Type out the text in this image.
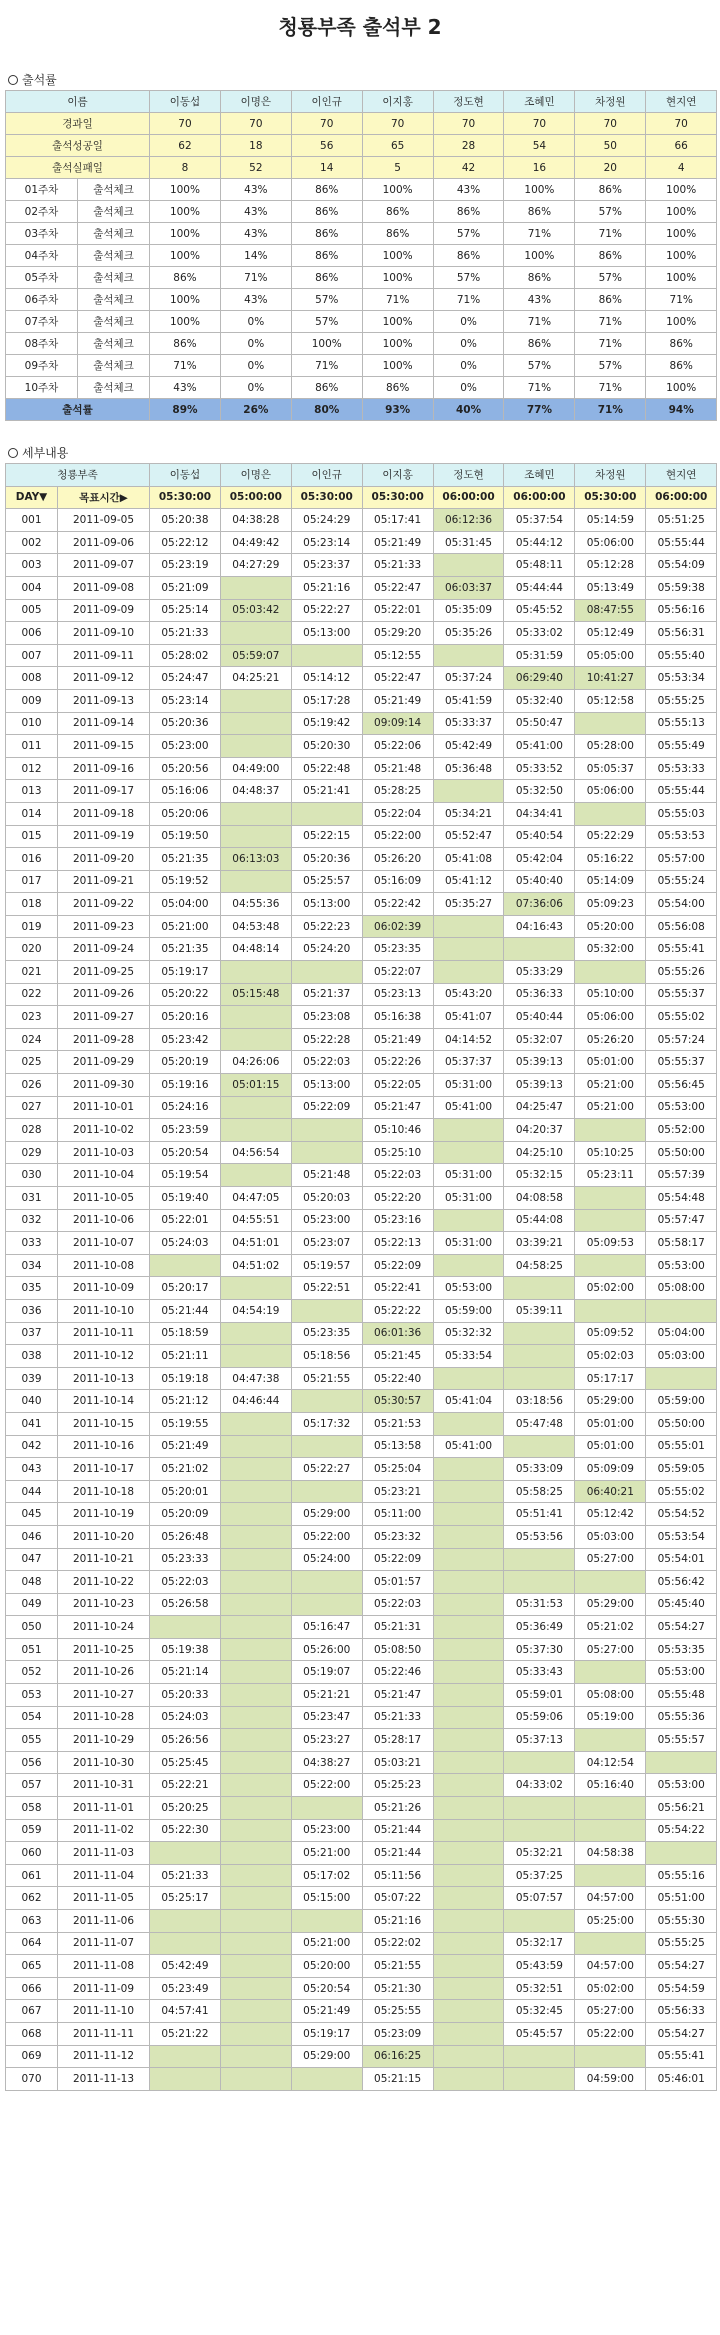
청룡부족 출석부 2
출석률
이름		이동섭	이명은	이인규	이지홍	정도현	조혜민	차정원	현지연
경과일		70	70	70	70	70	70	70	70
출석성공일		62	18	56	65	28	54	50	66
출석실패일		8	52	14	5	42	16	20	4
01주차	출석체크	100%	43%	86%	100%	43%	100%	86%	100%
02주차	출석체크	100%	43%	86%	86%	86%	86%	57%	100%
03주차	출석체크	100%	43%	86%	86%	57%	71%	71%	100%
04주차	출석체크	100%	14%	86%	100%	86%	100%	86%	100%
05주차	출석체크	86%	71%	86%	100%	57%	86%	57%	100%
06주차	출석체크	100%	43%	57%	71%	71%	43%	86%	71%
07주차	출석체크	100%	0%	57%	100%	0%	71%	71%	100%
08주차	출석체크	86%	0%	100%	100%	0%	86%	71%	86%
09주차	출석체크	71%	0%	71%	100%	0%	57%	57%	86%
10주차	출석체크	43%	0%	86%	86%	0%	71%	71%	100%
출석률		89%	26%	80%	93%	40%	77%	71%	94%
세부내용
청룡부족		이동섭	이명은	이인규	이지홍	정도현	조혜민	차정원	현지연
DAY▼	목표시간▶	05:30:00	05:00:00	05:30:00	05:30:00	06:00:00	06:00:00	05:30:00	06:00:00
001	2011-09-05	05:20:38	04:38:28	05:24:29	05:17:41	06:12:36	05:37:54	05:14:59	05:51:25
002	2011-09-06	05:22:12	04:49:42	05:23:14	05:21:49	05:31:45	05:44:12	05:06:00	05:55:44
003	2011-09-07	05:23:19	04:27:29	05:23:37	05:21:33		05:48:11	05:12:28	05:54:09
004	2011-09-08	05:21:09		05:21:16	05:22:47	06:03:37	05:44:44	05:13:49	05:59:38
005	2011-09-09	05:25:14	05:03:42	05:22:27	05:22:01	05:35:09	05:45:52	08:47:55	05:56:16
006	2011-09-10	05:21:33		05:13:00	05:29:20	05:35:26	05:33:02	05:12:49	05:56:31
007	2011-09-11	05:28:02	05:59:07		05:12:55		05:31:59	05:05:00	05:55:40
008	2011-09-12	05:24:47	04:25:21	05:14:12	05:22:47	05:37:24	06:29:40	10:41:27	05:53:34
009	2011-09-13	05:23:14		05:17:28	05:21:49	05:41:59	05:32:40	05:12:58	05:55:25
010	2011-09-14	05:20:36		05:19:42	09:09:14	05:33:37	05:50:47		05:55:13
011	2011-09-15	05:23:00		05:20:30	05:22:06	05:42:49	05:41:00	05:28:00	05:55:49
012	2011-09-16	05:20:56	04:49:00	05:22:48	05:21:48	05:36:48	05:33:52	05:05:37	05:53:33
013	2011-09-17	05:16:06	04:48:37	05:21:41	05:28:25		05:32:50	05:06:00	05:55:44
014	2011-09-18	05:20:06			05:22:04	05:34:21	04:34:41		05:55:03
015	2011-09-19	05:19:50		05:22:15	05:22:00	05:52:47	05:40:54	05:22:29	05:53:53
016	2011-09-20	05:21:35	06:13:03	05:20:36	05:26:20	05:41:08	05:42:04	05:16:22	05:57:00
017	2011-09-21	05:19:52		05:25:57	05:16:09	05:41:12	05:40:40	05:14:09	05:55:24
018	2011-09-22	05:04:00	04:55:36	05:13:00	05:22:42	05:35:27	07:36:06	05:09:23	05:54:00
019	2011-09-23	05:21:00	04:53:48	05:22:23	06:02:39		04:16:43	05:20:00	05:56:08
020	2011-09-24	05:21:35	04:48:14	05:24:20	05:23:35			05:32:00	05:55:41
021	2011-09-25	05:19:17			05:22:07		05:33:29		05:55:26
022	2011-09-26	05:20:22	05:15:48	05:21:37	05:23:13	05:43:20	05:36:33	05:10:00	05:55:37
023	2011-09-27	05:20:16		05:23:08	05:16:38	05:41:07	05:40:44	05:06:00	05:55:02
024	2011-09-28	05:23:42		05:22:28	05:21:49	04:14:52	05:32:07	05:26:20	05:57:24
025	2011-09-29	05:20:19	04:26:06	05:22:03	05:22:26	05:37:37	05:39:13	05:01:00	05:55:37
026	2011-09-30	05:19:16	05:01:15	05:13:00	05:22:05	05:31:00	05:39:13	05:21:00	05:56:45
027	2011-10-01	05:24:16		05:22:09	05:21:47	05:41:00	04:25:47	05:21:00	05:53:00
028	2011-10-02	05:23:59			05:10:46		04:20:37		05:52:00
029	2011-10-03	05:20:54	04:56:54		05:25:10		04:25:10	05:10:25	05:50:00
030	2011-10-04	05:19:54		05:21:48	05:22:03	05:31:00	05:32:15	05:23:11	05:57:39
031	2011-10-05	05:19:40	04:47:05	05:20:03	05:22:20	05:31:00	04:08:58		05:54:48
032	2011-10-06	05:22:01	04:55:51	05:23:00	05:23:16		05:44:08		05:57:47
033	2011-10-07	05:24:03	04:51:01	05:23:07	05:22:13	05:31:00	03:39:21	05:09:53	05:58:17
034	2011-10-08		04:51:02	05:19:57	05:22:09		04:58:25		05:53:00
035	2011-10-09	05:20:17		05:22:51	05:22:41	05:53:00		05:02:00	05:08:00
036	2011-10-10	05:21:44	04:54:19		05:22:22	05:59:00	05:39:11		
037	2011-10-11	05:18:59		05:23:35	06:01:36	05:32:32		05:09:52	05:04:00
038	2011-10-12	05:21:11		05:18:56	05:21:45	05:33:54		05:02:03	05:03:00
039	2011-10-13	05:19:18	04:47:38	05:21:55	05:22:40			05:17:17	
040	2011-10-14	05:21:12	04:46:44		05:30:57	05:41:04	03:18:56	05:29:00	05:59:00
041	2011-10-15	05:19:55		05:17:32	05:21:53		05:47:48	05:01:00	05:50:00
042	2011-10-16	05:21:49			05:13:58	05:41:00		05:01:00	05:55:01
043	2011-10-17	05:21:02		05:22:27	05:25:04		05:33:09	05:09:09	05:59:05
044	2011-10-18	05:20:01			05:23:21		05:58:25	06:40:21	05:55:02
045	2011-10-19	05:20:09		05:29:00	05:11:00		05:51:41	05:12:42	05:54:52
046	2011-10-20	05:26:48		05:22:00	05:23:32		05:53:56	05:03:00	05:53:54
047	2011-10-21	05:23:33		05:24:00	05:22:09			05:27:00	05:54:01
048	2011-10-22	05:22:03			05:01:57				05:56:42
049	2011-10-23	05:26:58			05:22:03		05:31:53	05:29:00	05:45:40
050	2011-10-24			05:16:47	05:21:31		05:36:49	05:21:02	05:54:27
051	2011-10-25	05:19:38		05:26:00	05:08:50		05:37:30	05:27:00	05:53:35
052	2011-10-26	05:21:14		05:19:07	05:22:46		05:33:43		05:53:00
053	2011-10-27	05:20:33		05:21:21	05:21:47		05:59:01	05:08:00	05:55:48
054	2011-10-28	05:24:03		05:23:47	05:21:33		05:59:06	05:19:00	05:55:36
055	2011-10-29	05:26:56		05:23:27	05:28:17		05:37:13		05:55:57
056	2011-10-30	05:25:45		04:38:27	05:03:21			04:12:54	
057	2011-10-31	05:22:21		05:22:00	05:25:23		04:33:02	05:16:40	05:53:00
058	2011-11-01	05:20:25			05:21:26				05:56:21
059	2011-11-02	05:22:30		05:23:00	05:21:44				05:54:22
060	2011-11-03			05:21:00	05:21:44		05:32:21	04:58:38	
061	2011-11-04	05:21:33		05:17:02	05:11:56		05:37:25		05:55:16
062	2011-11-05	05:25:17		05:15:00	05:07:22		05:07:57	04:57:00	05:51:00
063	2011-11-06				05:21:16			05:25:00	05:55:30
064	2011-11-07			05:21:00	05:22:02		05:32:17		05:55:25
065	2011-11-08	05:42:49		05:20:00	05:21:55		05:43:59	04:57:00	05:54:27
066	2011-11-09	05:23:49		05:20:54	05:21:30		05:32:51	05:02:00	05:54:59
067	2011-11-10	04:57:41		05:21:49	05:25:55		05:32:45	05:27:00	05:56:33
068	2011-11-11	05:21:22		05:19:17	05:23:09		05:45:57	05:22:00	05:54:27
069	2011-11-12			05:29:00	06:16:25				05:55:41
070	2011-11-13				05:21:15			04:59:00	05:46:01
